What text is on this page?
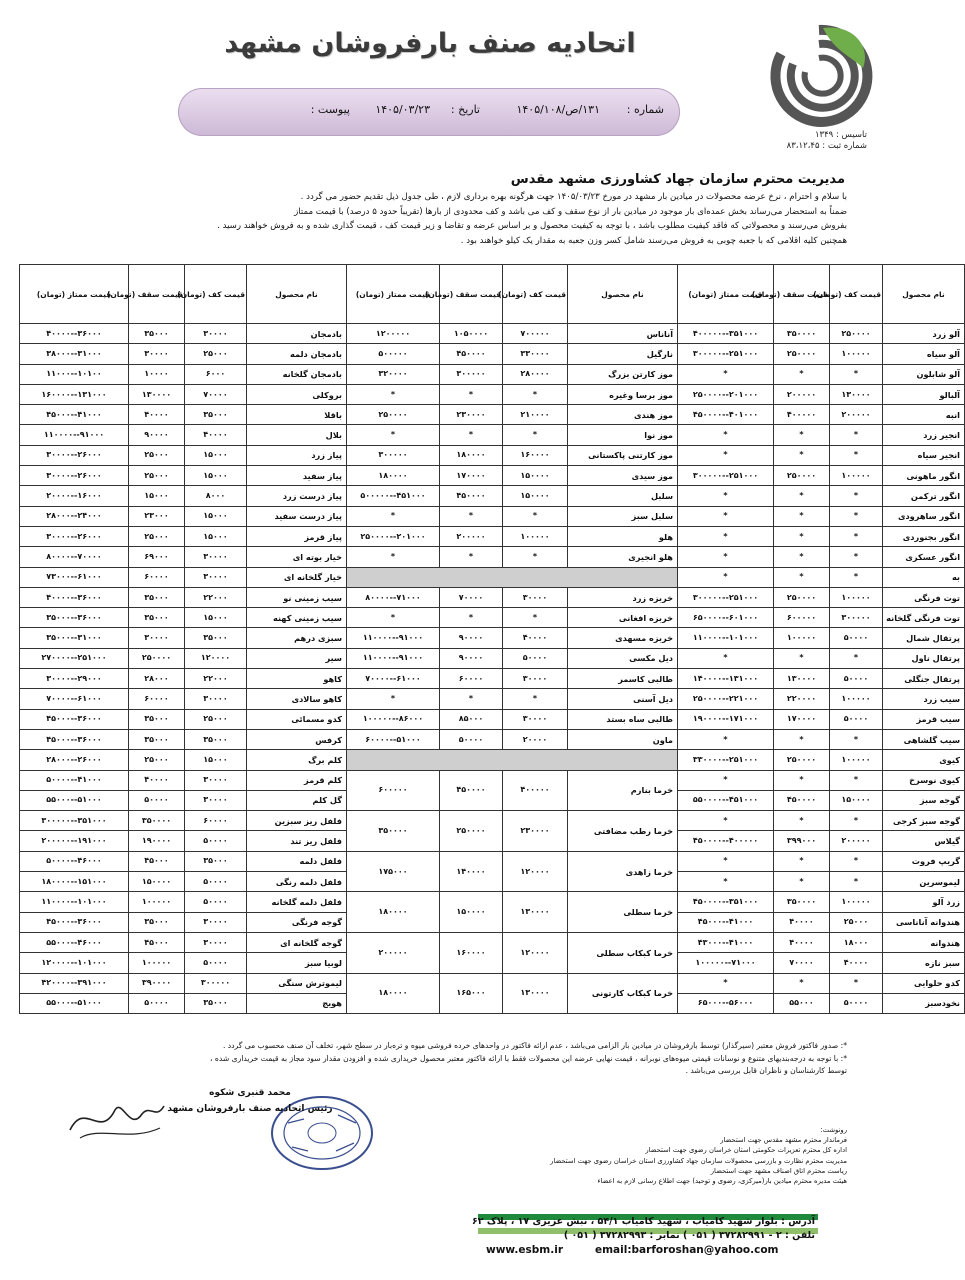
تاسیس : ۱۳۴۹
شماره ثبت : ۸۳،۱۲،۴۵
اتحادیه صنف بارفروشان مشهد
شماره :
۱۳۱/ص/۱۴۰۵/۱۰۸
تاریخ :
۱۴۰۵/۰۳/۲۳
پیوست :
مدیریت محترم سازمان جهاد کشاورزی مشهد مقدس
با سلام و احترام ، نرخ عرضه محصولات در میادین بار مشهد در مورخ ۱۴۰۵/۰۳/۲۳ جهت هرگونه بهره برداری لازم ، طی جدول ذیل تقدیم حضور می گردد .
ضمناً به استحضار می‌رساند بخش عمده‌ای بار موجود در میادین بار از نوع سقف و کف می باشد و کف محدودی از بارها (تقریباً حدود ۵ درصد) با قیمت ممتاز
بفروش می‌رسند و محصولاتی که فاقد کیفیت مطلوب باشد ، با توجه به کیفیت محصول و بر اساس عرضه و تقاضا و زیر قیمت کف ، قیمت گذاری شده و به فروش خواهند رسید .
همچنین کلیه اقلامی که با جعبه چوبی به فروش می‌رسند شامل کسر وزن جعبه به مقدار یک کیلو خواهند بود .
نام محصول	قیمت کف (تومان)	قیمت سقف (تومان)	قیمت ممتاز (تومان)	نام محصول	قیمت کف (تومان)	قیمت سقف (تومان)	قیمت ممتاز (تومان)	نام محصول	قیمت کف (تومان)	قیمت سقف (تومان)	قیمت ممتاز (تومان)
آلو زرد	۲۵۰۰۰۰	۳۵۰۰۰۰	۳۵۱۰۰۰--۴۰۰۰۰۰	آناناس	۷۰۰۰۰۰	۱۰۵۰۰۰۰	۱۲۰۰۰۰۰	بادمجان	۳۰۰۰۰	۳۵۰۰۰	۳۶۰۰۰--۴۰۰۰۰
آلو سیاه	۱۰۰۰۰۰	۲۵۰۰۰۰	۲۵۱۰۰۰--۳۰۰۰۰۰	نارگیل	۳۳۰۰۰۰	۴۵۰۰۰۰	۵۰۰۰۰۰	بادمجان دلمه	۲۵۰۰۰	۳۰۰۰۰	۳۱۰۰۰--۳۸۰۰۰
آلو شابلون	*	*	*	موز کارتن بزرگ	۲۸۰۰۰۰	۳۰۰۰۰۰	۳۲۰۰۰۰	بادمجان گلخانه	۶۰۰۰	۱۰۰۰۰	۱۰۱۰۰--۱۱۰۰۰
آلبالو	۱۳۰۰۰۰	۲۰۰۰۰۰	۲۰۱۰۰۰--۲۵۰۰۰۰	موز برسا وغیره	*	*	*	بروکلی	۷۰۰۰۰	۱۳۰۰۰۰	۱۳۱۰۰۰--۱۶۰۰۰۰
انبه	۲۰۰۰۰۰	۴۰۰۰۰۰	۴۰۱۰۰۰--۴۵۰۰۰۰	موز هندی	۲۱۰۰۰۰	۲۳۰۰۰۰	۲۵۰۰۰۰	باقلا	۳۵۰۰۰	۴۰۰۰۰	۴۱۰۰۰--۴۵۰۰۰
انجیر زرد	*	*	*	موز نوا	*	*	*	بلال	۴۰۰۰۰	۹۰۰۰۰	۹۱۰۰۰--۱۱۰۰۰۰
انجیر سیاه	*	*	*	موز کارتنی پاکستانی	۱۶۰۰۰۰	۱۸۰۰۰۰	۳۰۰۰۰۰	پیاز زرد	۱۵۰۰۰	۲۵۰۰۰	۲۶۰۰۰--۳۰۰۰۰
انگور ماهونی	۱۰۰۰۰۰	۲۵۰۰۰۰	۲۵۱۰۰۰--۳۰۰۰۰۰	موز سیدی	۱۵۰۰۰۰	۱۷۰۰۰۰	۱۸۰۰۰۰	پیاز سفید	۱۵۰۰۰	۲۵۰۰۰	۲۶۰۰۰--۳۰۰۰۰
انگور ترکمن	*	*	*	سلبل	۱۵۰۰۰۰	۴۵۰۰۰۰	۴۵۱۰۰۰--۵۰۰۰۰۰	پیاز درست زرد	۸۰۰۰	۱۵۰۰۰	۱۶۰۰۰--۲۰۰۰۰
انگور ساهرودی	*	*	*	سلبل سبز	*	*	*	پیاز درست سفید	۱۵۰۰۰	۲۳۰۰۰	۲۴۰۰۰--۲۸۰۰۰
انگور بجنوردی	*	*	*	هلو	۱۰۰۰۰۰	۲۰۰۰۰۰	۲۰۱۰۰۰--۲۵۰۰۰۰	پیاز قرمز	۱۵۰۰۰	۲۵۰۰۰	۲۶۰۰۰--۳۰۰۰۰
انگور عسکری	*	*	*	هلو انجیری	*	*	*	خیار بوته ای	۳۰۰۰۰	۶۹۰۰۰	۷۰۰۰۰--۸۰۰۰۰
به	*	*	*					خیار گلخانه ای	۳۰۰۰۰	۶۰۰۰۰	۶۱۰۰۰--۷۳۰۰۰
توت فرنگی	۱۰۰۰۰۰	۲۵۰۰۰۰	۲۵۱۰۰۰--۳۰۰۰۰۰	خربزه زرد	۳۰۰۰۰	۷۰۰۰۰	۷۱۰۰۰--۸۰۰۰۰	سیب زمینی نو	۲۲۰۰۰	۳۵۰۰۰	۳۶۰۰۰--۴۰۰۰۰
توت فرنگی گلخانه	۳۰۰۰۰۰	۶۰۰۰۰۰	۶۰۱۰۰۰--۶۵۰۰۰۰	خربزه افغانی	*	*	*	سیب زمینی کهنه	۱۵۰۰۰	۳۵۰۰۰	۳۶۰۰۰--۳۵۰۰۰
پرتقال شمال	۵۰۰۰۰	۱۰۰۰۰۰	۱۰۱۰۰۰--۱۱۰۰۰۰	خربزه مسهدی	۴۰۰۰۰	۹۰۰۰۰	۹۱۰۰۰--۱۱۰۰۰۰	سبزی درهم	۳۵۰۰۰	۳۰۰۰۰	۳۱۰۰۰--۳۵۰۰۰
پرتقال ناول	*	*	*	دیل مکسی	۵۰۰۰۰	۹۰۰۰۰	۹۱۰۰۰--۱۱۰۰۰۰	سیر	۱۲۰۰۰۰	۲۵۰۰۰۰	۲۵۱۰۰۰--۲۷۰۰۰۰
پرتقال جنگلی	۵۰۰۰۰	۱۳۰۰۰۰	۱۳۱۰۰۰--۱۴۰۰۰۰	طالبی کاسمر	۳۰۰۰۰	۶۰۰۰۰	۶۱۰۰۰--۷۰۰۰۰	کاهو	۲۲۰۰۰	۲۸۰۰۰	۲۹۰۰۰--۳۰۰۰۰
سیب زرد	۱۰۰۰۰۰	۲۲۰۰۰۰	۲۲۱۰۰۰--۲۵۰۰۰۰	دیل آسنی	*	*	*	کاهو سالادی	۳۰۰۰۰	۶۰۰۰۰	۶۱۰۰۰--۷۰۰۰۰
سیب قرمز	۵۰۰۰۰	۱۷۰۰۰۰	۱۷۱۰۰۰--۱۹۰۰۰۰	طالبی ساه بستد	۳۰۰۰۰	۸۵۰۰۰	۸۶۰۰۰--۱۰۰۰۰۰	کدو مسمائی	۲۵۰۰۰	۳۵۰۰۰	۳۶۰۰۰--۴۵۰۰۰
سیب گلشاهی	*	*	*	ماون	۲۰۰۰۰	۵۰۰۰۰	۵۱۰۰۰--۶۰۰۰۰	کرفس	۳۵۰۰۰	۳۵۰۰۰	۳۶۰۰۰--۴۵۰۰۰
کیوی	۱۰۰۰۰۰	۲۵۰۰۰۰	۲۵۱۰۰۰--۳۳۰۰۰۰					کلم برگ	۱۵۰۰۰	۲۵۰۰۰	۲۶۰۰۰--۲۸۰۰۰
کیوی نوسرخ	*	*	*	خرما بنارم	۴۰۰۰۰۰	۴۵۰۰۰۰	۶۰۰۰۰۰	کلم قرمز	۳۰۰۰۰	۴۰۰۰۰	۴۱۰۰۰--۵۰۰۰۰
گوجه سبز	۱۵۰۰۰۰	۴۵۰۰۰۰	۴۵۱۰۰۰--۵۵۰۰۰۰					گل کلم	۳۰۰۰۰	۵۰۰۰۰	۵۱۰۰۰--۵۵۰۰۰
گوجه سبز کرجی	*	*	*	خرما رطب مضافتی	۲۳۰۰۰۰	۲۵۰۰۰۰	۳۵۰۰۰۰	فلفل ریز سبزین	۶۰۰۰۰	۳۵۰۰۰۰	۳۵۱۰۰۰--۳۰۰۰۰۰
گیلاس	۲۰۰۰۰۰	۳۹۹۰۰۰	۴۰۰۰۰۰--۴۵۰۰۰۰					فلفل ریز تند	۵۰۰۰۰	۱۹۰۰۰۰	۱۹۱۰۰۰--۲۰۰۰۰۰
گریپ فروت	*	*	*	خرما زاهدی	۱۲۰۰۰۰	۱۴۰۰۰۰	۱۷۵۰۰۰	فلفل دلمه	۳۵۰۰۰	۴۵۰۰۰	۴۶۰۰۰--۵۰۰۰۰
لیموسرین	*	*	*					فلفل دلمه رنگی	۵۰۰۰۰	۱۵۰۰۰۰	۱۵۱۰۰۰--۱۸۰۰۰۰
زرد آلو	۱۰۰۰۰۰	۳۵۰۰۰۰	۳۵۱۰۰۰--۴۵۰۰۰۰	خرما سطلی	۱۳۰۰۰۰	۱۵۰۰۰۰	۱۸۰۰۰۰	فلفل دلمه گلخانه	۵۰۰۰۰	۱۰۰۰۰۰	۱۰۱۰۰۰--۱۱۰۰۰۰
هندوانه آناناسی	۲۵۰۰۰	۴۰۰۰۰	۴۱۰۰۰--۴۵۰۰۰					گوجه فرنگی	۳۰۰۰۰	۳۵۰۰۰	۳۶۰۰۰--۴۵۰۰۰
هندوانه	۱۸۰۰۰	۴۰۰۰۰	۴۱۰۰۰--۴۳۰۰۰	خرما کبکاب سطلی	۱۲۰۰۰۰	۱۶۰۰۰۰	۲۰۰۰۰۰	گوجه گلخانه ای	۳۰۰۰۰	۴۵۰۰۰	۴۶۰۰۰--۵۵۰۰۰
سبز نازه	۴۰۰۰۰	۷۰۰۰۰	۷۱۰۰۰--۱۰۰۰۰۰					لوبیا سبز	۵۰۰۰۰	۱۰۰۰۰۰	۱۰۱۰۰۰--۱۲۰۰۰۰
کدو حلوایی	*	*	*	خرما کبکاب کارتونی	۱۳۰۰۰۰	۱۶۵۰۰۰	۱۸۰۰۰۰	لیموترش سنگی	۳۰۰۰۰۰	۳۹۰۰۰۰	۳۹۱۰۰۰--۴۲۰۰۰۰
نخودسبز	۵۰۰۰۰	۵۵۰۰۰	۵۶۰۰۰--۶۵۰۰۰					هویج	۳۵۰۰۰	۵۰۰۰۰	۵۱۰۰۰--۵۵۰۰۰
*: صدور فاکتور فروش معتبر (سیرگذار) توسط بارفروشان در میادین بار الزامی می‌باشد ، عدم ارائه فاکتور در واحدهای خرده فروشی میوه و تره‌بار در سطح شهر، تخلف آن صنف محسوب می گردد .
*: با توجه به درجه‌بندیهای متنوع و نوسانات قیمتی میوه‌های نوبرانه ، قیمت نهایی عرضه این محصولات فقط با ارائه فاکتور معتبر محصول خریداری شده و افزودن مقدار سود مجاز به قیمت خریداری شده ،
توسط کارشناسان و ناظران قابل بررسی می‌باشد .
محمد قنبری شکوه
رئیس اتحادیه صنف بارفروشان مشهد
رونوشت:
فرماندار محترم مشهد مقدس جهت استحضار
اداره کل محترم تعزیرات حکومتی استان خراسان رضوی جهت استحضار
مدیریت محترم نظارت و بازرسی محصولات سازمان جهاد کشاورزی استان خراسان رضوی جهت استحضار
ریاست محترم اتاق اصناف مشهد جهت استحضار
هیئت مدیره محترم میادین بار(میرکزی، رضوی و توحید) جهت اطلاع رسانی لازم به اعضاء
آدرس : بلوار شهید کامیاب ، شهید کامیاب ۵۴/۱ ، نبش عزیزی ۱۷ ، پلاک ۶۲
تلفن : ۲ - ۳۷۲۸۲۹۹۱ ( ۰۵۱ ) نمابر : ۳۷۲۸۲۹۹۳ ( ۰۵۱ )
email:barforoshan@yahoo.com
www.esbm.ir
